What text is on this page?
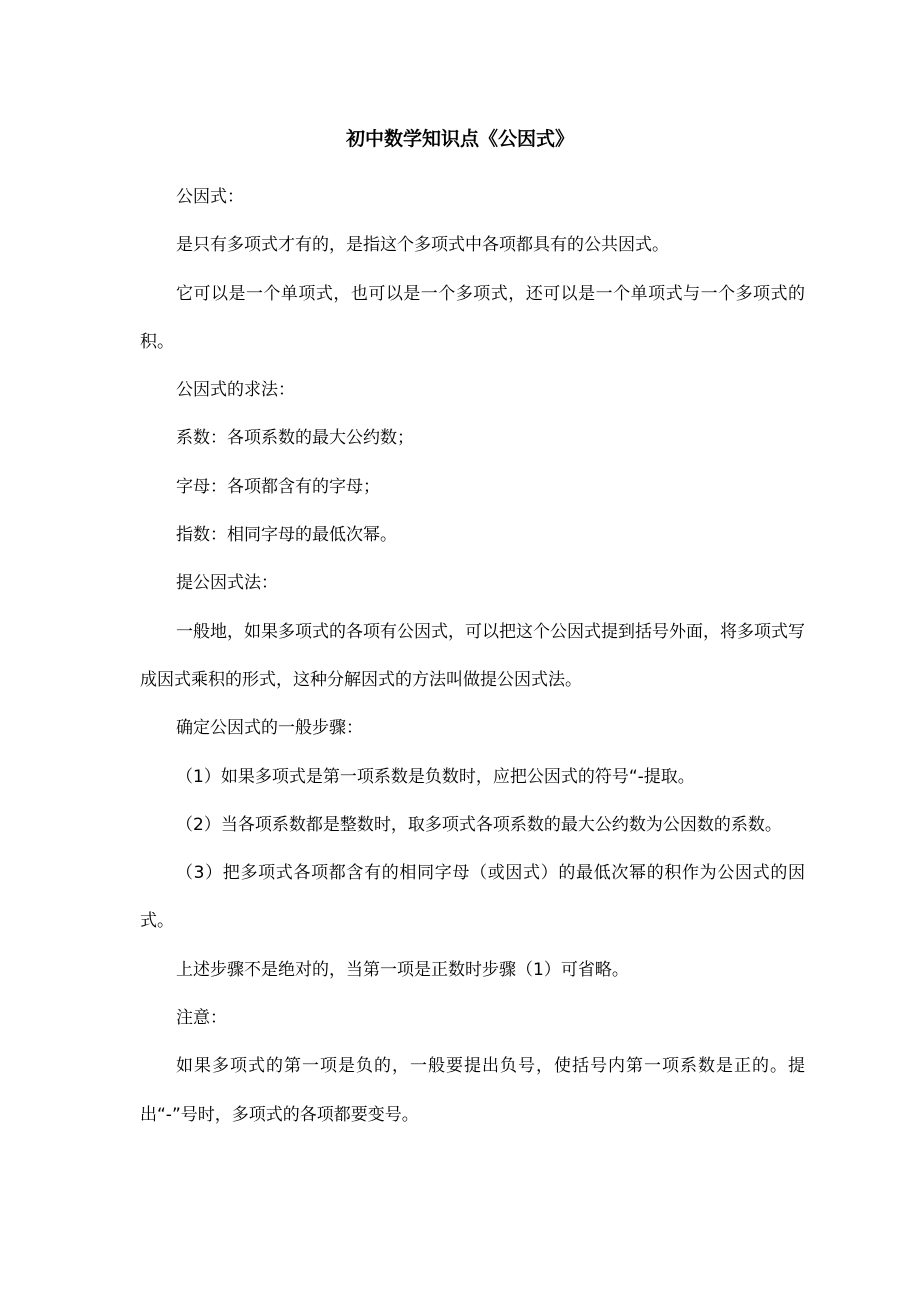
初中数学知识点《公因式》

公因式：

是只有多项式才有的，是指这个多项式中各项都具有的公共因式。

它可以是一个单项式，也可以是一个多项式，还可以是一个单项式与一个多项式的积。

公因式的求法：

系数：各项系数的最大公约数；

字母：各项都含有的字母；

指数：相同字母的最低次幂。

提公因式法：

一般地，如果多项式的各项有公因式，可以把这个公因式提到括号外面，将多项式写成因式乘积的形式，这种分解因式的方法叫做提公因式法。

确定公因式的一般步骤：

（1）如果多项式是第一项系数是负数时，应把公因式的符号“-提取。

（2）当各项系数都是整数时，取多项式各项系数的最大公约数为公因数的系数。

（3）把多项式各项都含有的相同字母（或因式）的最低次幂的积作为公因式的因式。

上述步骤不是绝对的，当第一项是正数时步骤（1）可省略。

注意：

如果多项式的第一项是负的，一般要提出负号，使括号内第一项系数是正的。提出“-”号时，多项式的各项都要变号。
